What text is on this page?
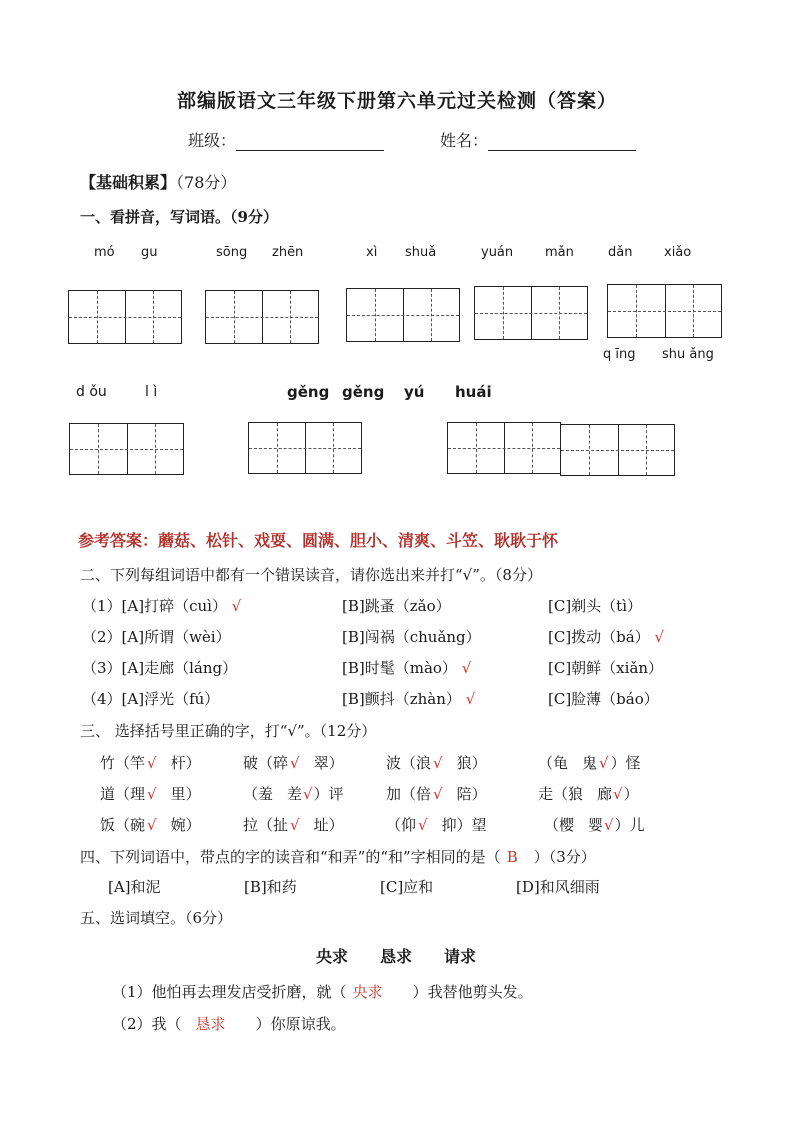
部编版语文三年级下册第六单元过关检测（答案）
班级：	姓名：
【基础积累】（78分）
一、看拼音，写词语。（9分）
mó gu	sōng zhēn	xì shuǎ	yuán mǎn	dǎn xiǎo
q īng shu ǎng
d ǒu	l ì	gěng gěng yú huái
参考答案：蘑菇、松针、戏耍、圆满、胆小、清爽、斗笠、耿耿于怀
二、下列每组词语中都有一个错误读音，请你选出来并打“√”。（8分）
（1）[A]打碎（cuì） √	[B]跳蚤（zǎo）	[C]剃头（tì）
（2）[A]所谓（wèi）	[B]闯祸（chuǎng）	[C]拨动（bá） √
（3）[A]走廊（láng）	[B]时髦（mào） √	[C]朝鲜（xiǎn）
（4）[A]浮光（fú）	[B]颤抖（zhàn） √	[C]脸薄（báo）
三、 选择括号里正确的字，打“√”。（12分）
竹（竿 √ 杆）	破（碎 √ 翠）	波（浪 √ 狼）	（龟 鬼 √ ）怪
道（理 √ 里）	（羞 差√）评	加（倍 √ 陪）	走（狼 廊√）
饭（碗 √ 婉）	拉（扯 √ 址）	（仰 √ 抑）望	（樱 婴√）儿
四、下列词语中，带点的字的读音和“和弄”的“和”字相同的是（ B ）（3分）
[A]和泥	[B]和药	[C]应和	[D]和风细雨
五、选词填空。（6分）
央求 恳求 请求
（1）他怕再去理发店受折磨，就（ 央求 ）我替他剪头发。
（2）我（ 恳求 ）你原谅我。
